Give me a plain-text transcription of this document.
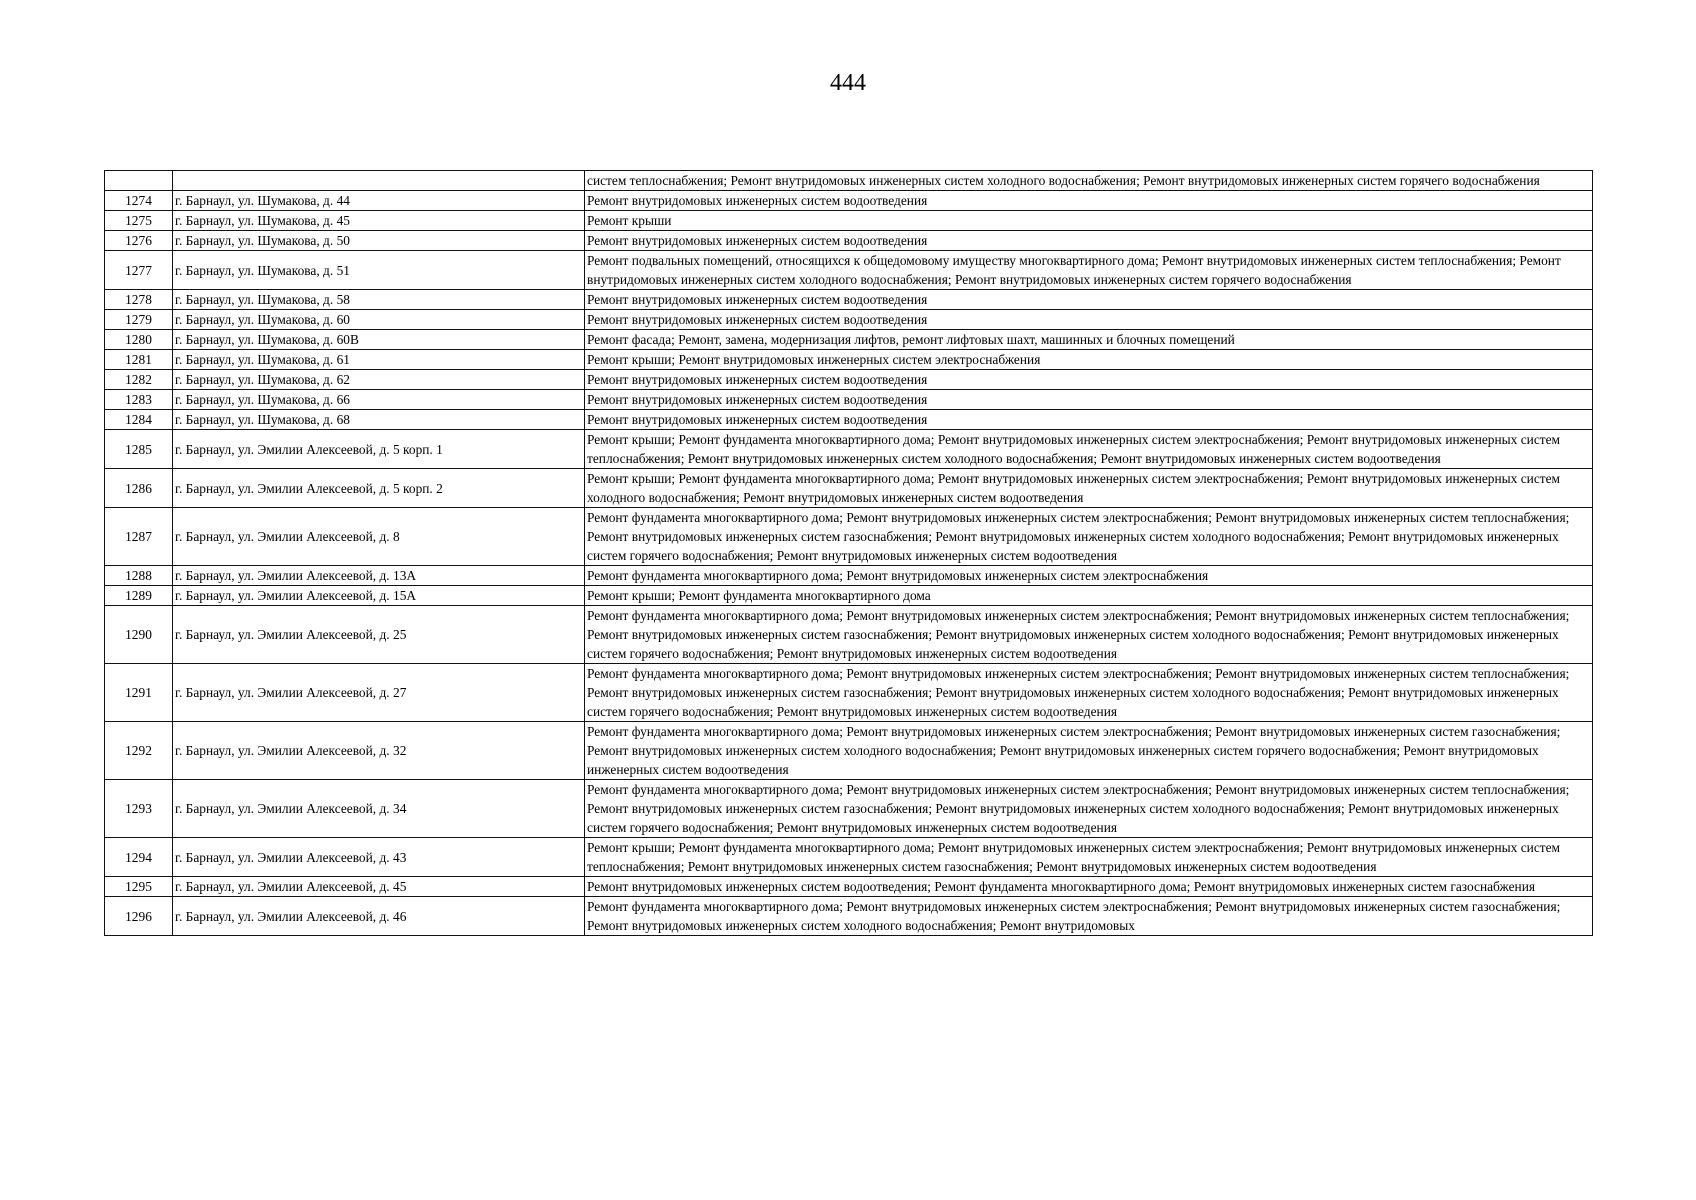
444
		систем теплоснабжения; Ремонт внутридомовых инженерных систем холодного водоснабжения; Ремонт внутридомовых инженерных систем горячего водоснабжения
1274	г. Барнаул, ул. Шумакова, д. 44	Ремонт внутридомовых инженерных систем водоотведения
1275	г. Барнаул, ул. Шумакова, д. 45	Ремонт крыши
1276	г. Барнаул, ул. Шумакова, д. 50	Ремонт внутридомовых инженерных систем водоотведения
1277	г. Барнаул, ул. Шумакова, д. 51	Ремонт подвальных помещений, относящихся к общедомовому имуществу многоквартирного дома; Ремонт внутридомовых инженерных систем теплоснабжения; Ремонт внутридомовых инженерных систем холодного водоснабжения; Ремонт внутридомовых инженерных систем горячего водоснабжения
1278	г. Барнаул, ул. Шумакова, д. 58	Ремонт внутридомовых инженерных систем водоотведения
1279	г. Барнаул, ул. Шумакова, д. 60	Ремонт внутридомовых инженерных систем водоотведения
1280	г. Барнаул, ул. Шумакова, д. 60В	Ремонт фасада; Ремонт, замена, модернизация лифтов, ремонт лифтовых шахт, машинных и блочных помещений
1281	г. Барнаул, ул. Шумакова, д. 61	Ремонт крыши; Ремонт внутридомовых инженерных систем электроснабжения
1282	г. Барнаул, ул. Шумакова, д. 62	Ремонт внутридомовых инженерных систем водоотведения
1283	г. Барнаул, ул. Шумакова, д. 66	Ремонт внутридомовых инженерных систем водоотведения
1284	г. Барнаул, ул. Шумакова, д. 68	Ремонт внутридомовых инженерных систем водоотведения
1285	г. Барнаул, ул. Эмилии Алексеевой, д. 5 корп. 1	Ремонт крыши; Ремонт фундамента многоквартирного дома; Ремонт внутридомовых инженерных систем электроснабжения; Ремонт внутридомовых инженерных систем теплоснабжения; Ремонт внутридомовых инженерных систем холодного водоснабжения; Ремонт внутридомовых инженерных систем водоотведения
1286	г. Барнаул, ул. Эмилии Алексеевой, д. 5 корп. 2	Ремонт крыши; Ремонт фундамента многоквартирного дома; Ремонт внутридомовых инженерных систем электроснабжения; Ремонт внутридомовых инженерных систем холодного водоснабжения; Ремонт внутридомовых инженерных систем водоотведения
1287	г. Барнаул, ул. Эмилии Алексеевой, д. 8	Ремонт фундамента многоквартирного дома; Ремонт внутридомовых инженерных систем электроснабжения; Ремонт внутридомовых инженерных систем теплоснабжения; Ремонт внутридомовых инженерных систем газоснабжения; Ремонт внутридомовых инженерных систем холодного водоснабжения; Ремонт внутридомовых инженерных систем горячего водоснабжения; Ремонт внутридомовых инженерных систем водоотведения
1288	г. Барнаул, ул. Эмилии Алексеевой, д. 13А	Ремонт фундамента многоквартирного дома; Ремонт внутридомовых инженерных систем электроснабжения
1289	г. Барнаул, ул. Эмилии Алексеевой, д. 15А	Ремонт крыши; Ремонт фундамента многоквартирного дома
1290	г. Барнаул, ул. Эмилии Алексеевой, д. 25	Ремонт фундамента многоквартирного дома; Ремонт внутридомовых инженерных систем электроснабжения; Ремонт внутридомовых инженерных систем теплоснабжения; Ремонт внутридомовых инженерных систем газоснабжения; Ремонт внутридомовых инженерных систем холодного водоснабжения; Ремонт внутридомовых инженерных систем горячего водоснабжения; Ремонт внутридомовых инженерных систем водоотведения
1291	г. Барнаул, ул. Эмилии Алексеевой, д. 27	Ремонт фундамента многоквартирного дома; Ремонт внутридомовых инженерных систем электроснабжения; Ремонт внутридомовых инженерных систем теплоснабжения; Ремонт внутридомовых инженерных систем газоснабжения; Ремонт внутридомовых инженерных систем холодного водоснабжения; Ремонт внутридомовых инженерных систем горячего водоснабжения; Ремонт внутридомовых инженерных систем водоотведения
1292	г. Барнаул, ул. Эмилии Алексеевой, д. 32	Ремонт фундамента многоквартирного дома; Ремонт внутридомовых инженерных систем электроснабжения; Ремонт внутридомовых инженерных систем газоснабжения; Ремонт внутридомовых инженерных систем холодного водоснабжения; Ремонт внутридомовых инженерных систем горячего водоснабжения; Ремонт внутридомовых инженерных систем водоотведения
1293	г. Барнаул, ул. Эмилии Алексеевой, д. 34	Ремонт фундамента многоквартирного дома; Ремонт внутридомовых инженерных систем электроснабжения; Ремонт внутридомовых инженерных систем теплоснабжения; Ремонт внутридомовых инженерных систем газоснабжения; Ремонт внутридомовых инженерных систем холодного водоснабжения; Ремонт внутридомовых инженерных систем горячего водоснабжения; Ремонт внутридомовых инженерных систем водоотведения
1294	г. Барнаул, ул. Эмилии Алексеевой, д. 43	Ремонт крыши; Ремонт фундамента многоквартирного дома; Ремонт внутридомовых инженерных систем электроснабжения; Ремонт внутридомовых инженерных систем теплоснабжения; Ремонт внутридомовых инженерных систем газоснабжения; Ремонт внутридомовых инженерных систем водоотведения
1295	г. Барнаул, ул. Эмилии Алексеевой, д. 45	Ремонт внутридомовых инженерных систем водоотведения; Ремонт фундамента многоквартирного дома; Ремонт внутридомовых инженерных систем газоснабжения
1296	г. Барнаул, ул. Эмилии Алексеевой, д. 46	Ремонт фундамента многоквартирного дома; Ремонт внутридомовых инженерных систем электроснабжения; Ремонт внутридомовых инженерных систем газоснабжения; Ремонт внутридомовых инженерных систем холодного водоснабжения; Ремонт внутридомовых
